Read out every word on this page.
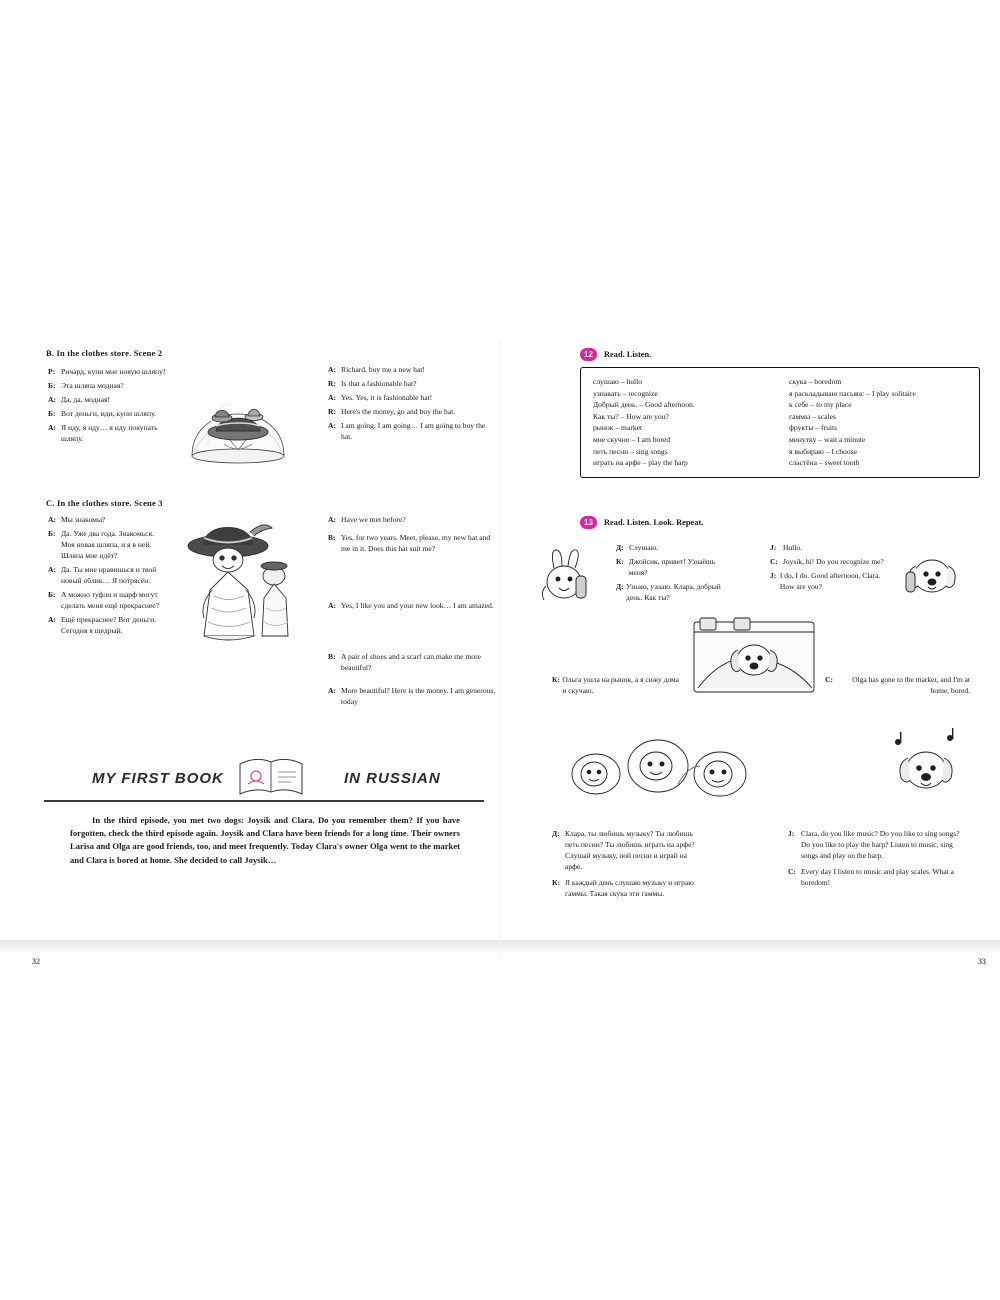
B. In the clothes store. Scene 2
Р: Ричард, купи мне новую шляпу!
Б: Эта шляпа модная?
А: Да, да, модная!
Б: Вот деньги, иди, купи шляпу.
А: Я иду, я иду… я иду покупать шляпу.
A: Richard, buy me a new hat!
R: Is that a fashionable hat?
A: Yes. Yes, it is fashionable hat!
R: Here's the money, go and buy the hat.
A: I am going, I am going… I am going to buy the hat.
C. In the clothes store. Scene 3
А: Мы знакомы?
Б: Да. Уже два года. Знакомься. Моя новая шляпа, и я в ней. Шляпа мне идёт?
А: Да. Ты мне нравишься и твой новый облик… Я потрясён.
Б: А можно туфли и шарф могут сделать меня ещё прекраснее?
А: Ещё прекраснее? Вот деньги. Сегодня я щедрый.
A: Have we met before?
B: Yes, for two years. Meet, please, my new hat and me in it. Does this hat suit me?
A: Yes, I like you and your new look… I am amazed.
B: A pair of shoes and a scarf can make me more beautiful?
A: More beautiful? Here is the money. I am generous, today
MY FIRST BOOK	IN RUSSIAN
In the third episode, you met two dogs: Joysik and Clara. Do you remember them? If you have forgotten, check the third episode again. Joysik and Clara have been friends for a long time. Their owners Larisa and Olga are good friends, too, and meet frequently. Today Clara's owner Olga went to the market and Clara is bored at home. She decided to call Joysik…
32
12	Read. Listen.
слушаю – hullo
узнавать – recognize
Добрый день. – Good afternoon.
Как ты? – How are you?
рынок – market
мне скучно – I am bored
петь песни – sing songs
играть на арфе – play the harp
скука – boredom
я раскладываю пасьянс – I play solitaire
к себе – to my place
гаммы – scales
фрукты – fruits
минутку – wait a minute
я выбираю – I choose
сластёна – sweet tooth
13	Read. Listen. Look. Repeat.
Д: Слушаю.
К: Джойсик, привет! Узнаёшь меня?
Д: Узнаю, узнаю. Клара, добрый день. Как ты?
J: Hullo.
C: Joysik, hi! Do you recognize me?
J: I do, I do. Good afternoon, Clara. How are you?
К: Ольга ушла на рынок, а я сижу дома и скучаю.
C:	Olga has gone to the market, and I'm at home, bored.
Д: Клара, ты любишь музыку? Ты любишь петь песни? Ты любишь играть на арфе? Слушай музыку, пой песни и играй на арфе.
К: Я каждый день слушаю музыку и играю гаммы. Такая скука эти гаммы.
J: Clara, do you like music? Do you like to sing songs? Do you like to play the harp? Listen to music, sing songs and play on the harp.
C: Every day I listen to music and play scales. What a boredom!
33
